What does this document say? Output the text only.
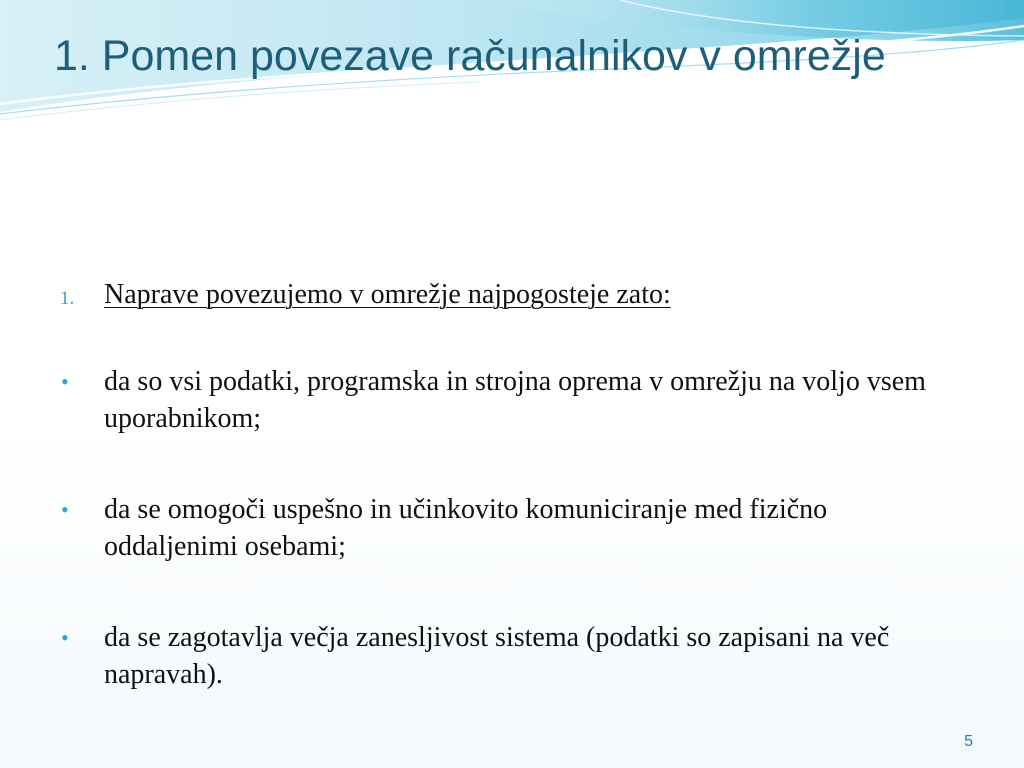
1. Pomen povezave računalnikov v omrežje
1. Naprave povezujemo v omrežje najpogosteje zato:
• da so vsi podatki, programska in strojna oprema v omrežju na voljo vsem uporabnikom;
• da se omogoči uspešno in učinkovito komuniciranje med fizično oddaljenimi osebami;
• da se zagotavlja večja zanesljivost sistema (podatki so zapisani na več napravah).
5
